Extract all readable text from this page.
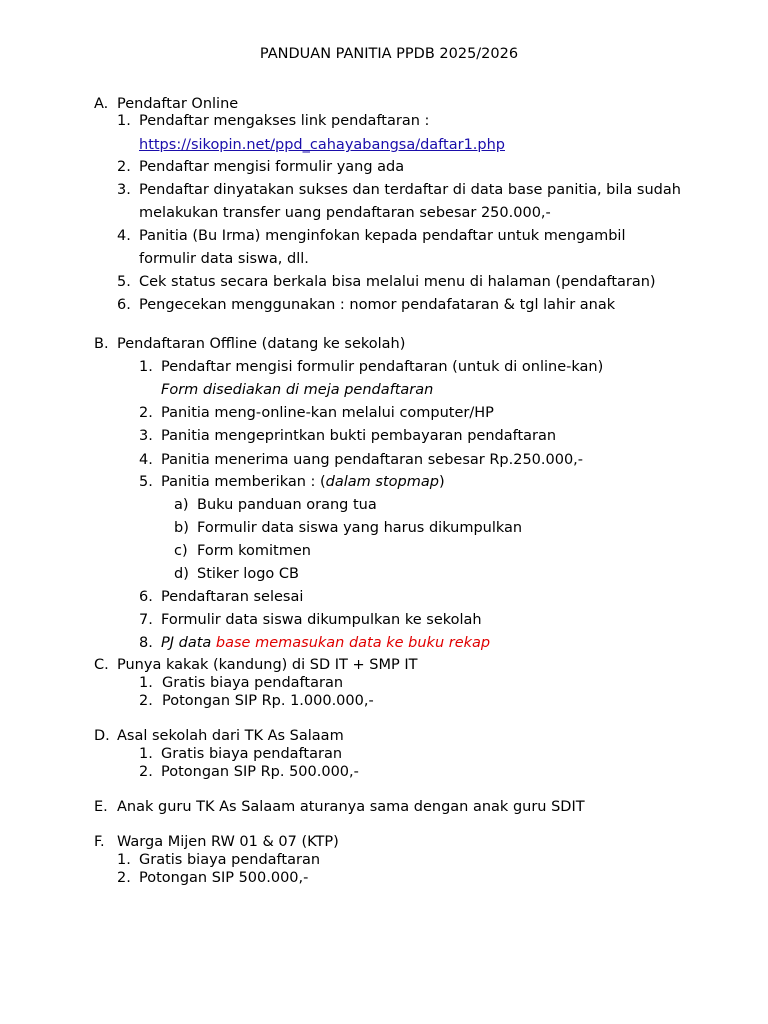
PANDUAN PANITIA PPDB 2025/2026
A. Pendaftar Online
1. Pendaftar mengakses link pendaftaran :
https://sikopin.net/ppd_cahayabangsa/daftar1.php
2. Pendaftar mengisi formulir yang ada
3. Pendaftar dinyatakan sukses dan terdaftar di data base panitia, bila sudah
melakukan transfer uang pendaftaran sebesar 250.000,-
4. Panitia (Bu Irma) menginfokan kepada pendaftar untuk mengambil
formulir data siswa, dll.
5. Cek status secara berkala bisa melalui menu di halaman (pendaftaran)
6. Pengecekan menggunakan : nomor pendafataran & tgl lahir anak
B. Pendaftaran Offline (datang ke sekolah)
1. Pendaftar mengisi formulir pendaftaran (untuk di online-kan)
Form disediakan di meja pendaftaran
2. Panitia meng-online-kan melalui computer/HP
3. Panitia mengeprintkan bukti pembayaran pendaftaran
4. Panitia menerima uang pendaftaran sebesar Rp.250.000,-
5. Panitia memberikan : (dalam stopmap)
a) Buku panduan orang tua
b) Formulir data siswa yang harus dikumpulkan
c) Form komitmen
d) Stiker logo CB
6. Pendaftaran selesai
7. Formulir data siswa dikumpulkan ke sekolah
8. PJ data base memasukan data ke buku rekap
C. Punya kakak (kandung) di SD IT + SMP IT
1. Gratis biaya pendaftaran
2. Potongan SIP Rp. 1.000.000,-
D. Asal sekolah dari TK As Salaam
1. Gratis biaya pendaftaran
2. Potongan SIP Rp. 500.000,-
E. Anak guru TK As Salaam aturanya sama dengan anak guru SDIT
F. Warga Mijen RW 01 & 07 (KTP)
1. Gratis biaya pendaftaran
2. Potongan SIP 500.000,-
